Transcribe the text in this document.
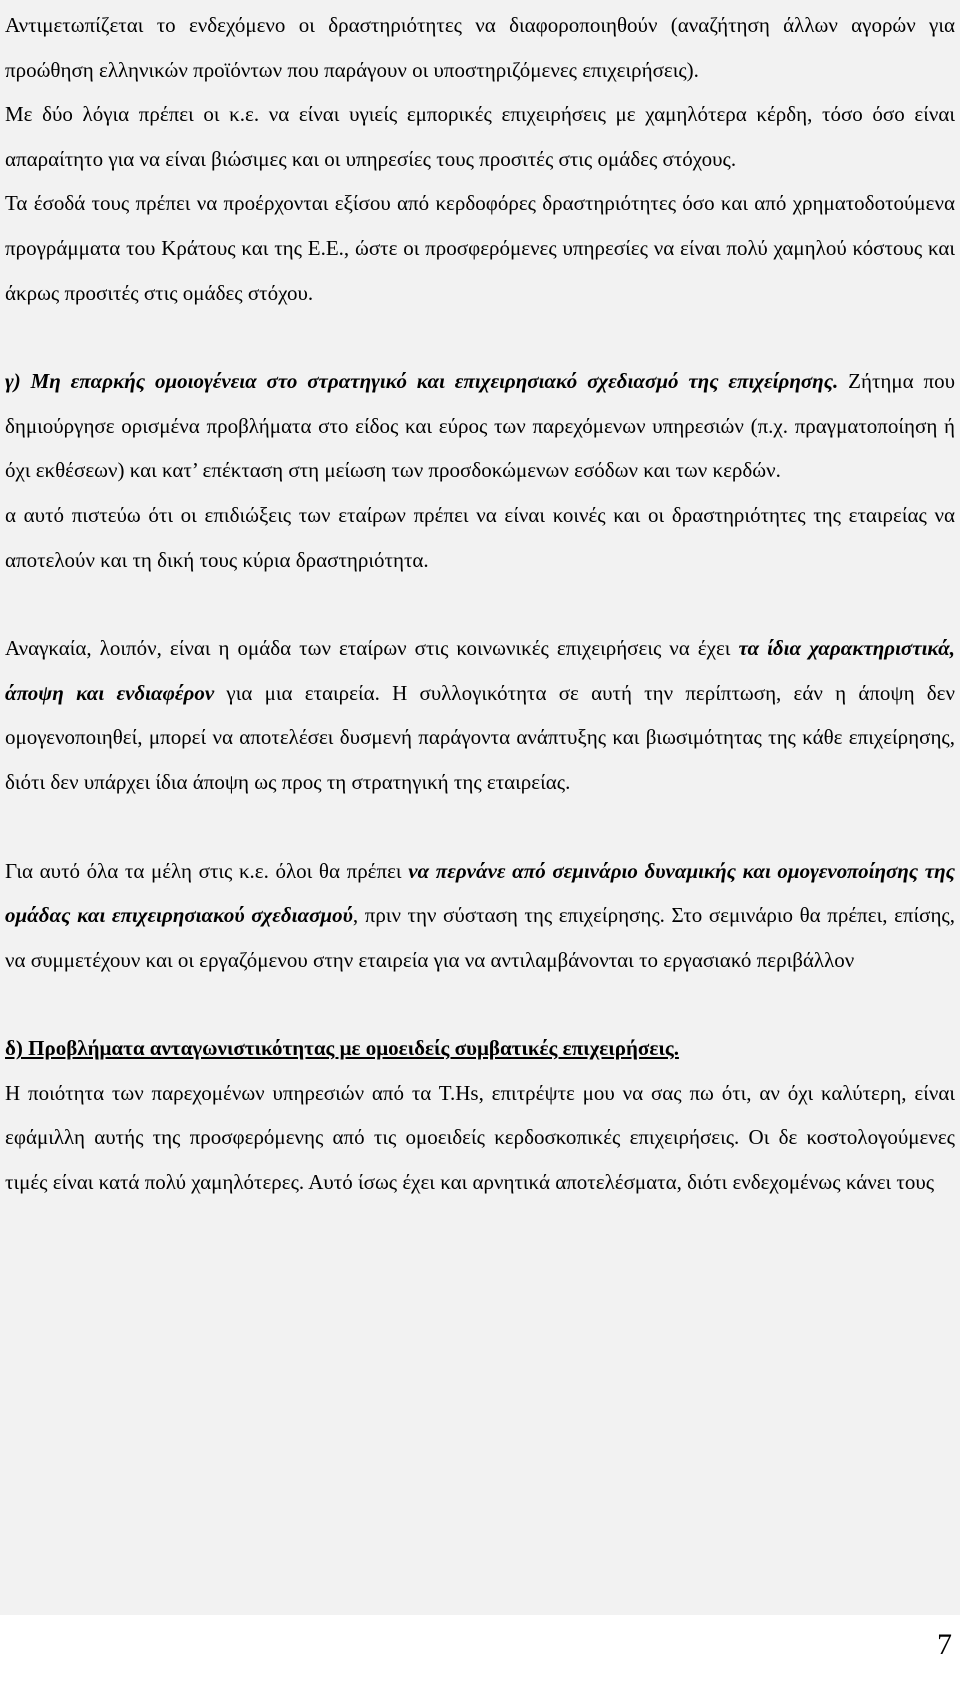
Αντιμετωπίζεται το ενδεχόμενο οι δραστηριότητες να διαφοροποιηθούν (αναζήτηση άλλων αγορών για προώθηση ελληνικών προϊόντων που παράγουν οι υποστηριζόμενες επιχειρήσεις).

Με δύο λόγια πρέπει οι κ.ε. να είναι υγιείς εμπορικές επιχειρήσεις με χαμηλότερα κέρδη, τόσο όσο είναι απαραίτητο για να είναι βιώσιμες και οι υπηρεσίες τους προσιτές στις ομάδες στόχους.

Τα έσοδά τους πρέπει να προέρχονται εξίσου από κερδοφόρες δραστηριότητες όσο και από χρηματοδοτούμενα προγράμματα του Κράτους και της Ε.Ε., ώστε οι προσφερόμενες υπηρεσίες να είναι πολύ χαμηλού κόστους και άκρως προσιτές στις ομάδες στόχου.

γ) Μη επαρκής ομοιογένεια στο στρατηγικό και επιχειρησιακό σχεδιασμό της επιχείρησης. Ζήτημα που δημιούργησε ορισμένα προβλήματα στο είδος και εύρος των παρεχόμενων υπηρεσιών (π.χ. πραγματοποίηση ή όχι εκθέσεων) και κατ’ επέκταση στη μείωση των προσδοκώμενων εσόδων και των κερδών.

α αυτό πιστεύω ότι οι επιδιώξεις των εταίρων πρέπει να είναι κοινές και οι δραστηριότητες της εταιρείας να αποτελούν και τη δική τους κύρια δραστηριότητα.

Αναγκαία, λοιπόν, είναι η ομάδα των εταίρων στις κοινωνικές επιχειρήσεις να έχει τα ίδια χαρακτηριστικά, άποψη και ενδιαφέρον για μια εταιρεία. Η συλλογικότητα σε αυτή την περίπτωση, εάν η άποψη δεν ομογενοποιηθεί, μπορεί να αποτελέσει δυσμενή παράγοντα ανάπτυξης και βιωσιμότητας της κάθε επιχείρησης, διότι δεν υπάρχει ίδια άποψη ως προς τη στρατηγική της εταιρείας.

Για αυτό όλα τα μέλη στις κ.ε. όλοι θα πρέπει να περνάνε από σεμινάριο δυναμικής και ομογενοποίησης της ομάδας και επιχειρησιακού σχεδιασμού, πριν την σύσταση της επιχείρησης. Στο σεμινάριο θα πρέπει, επίσης, να συμμετέχουν και οι εργαζόμενου στην εταιρεία για να αντιλαμβάνονται το εργασιακό περιβάλλον

δ) Προβλήματα ανταγωνιστικότητας με ομοειδείς συμβατικές επιχειρήσεις.

Η ποιότητα των παρεχομένων υπηρεσιών από τα Τ.Ηs, επιτρέψτε μου να σας πω ότι, αν όχι καλύτερη, είναι εφάμιλλη αυτής της προσφερόμενης από τις ομοειδείς κερδοσκοπικές επιχειρήσεις. Οι δε κοστολογούμενες τιμές είναι κατά πολύ χαμηλότερες. Αυτό ίσως έχει και αρνητικά αποτελέσματα, διότι ενδεχομένως κάνει τους

7
